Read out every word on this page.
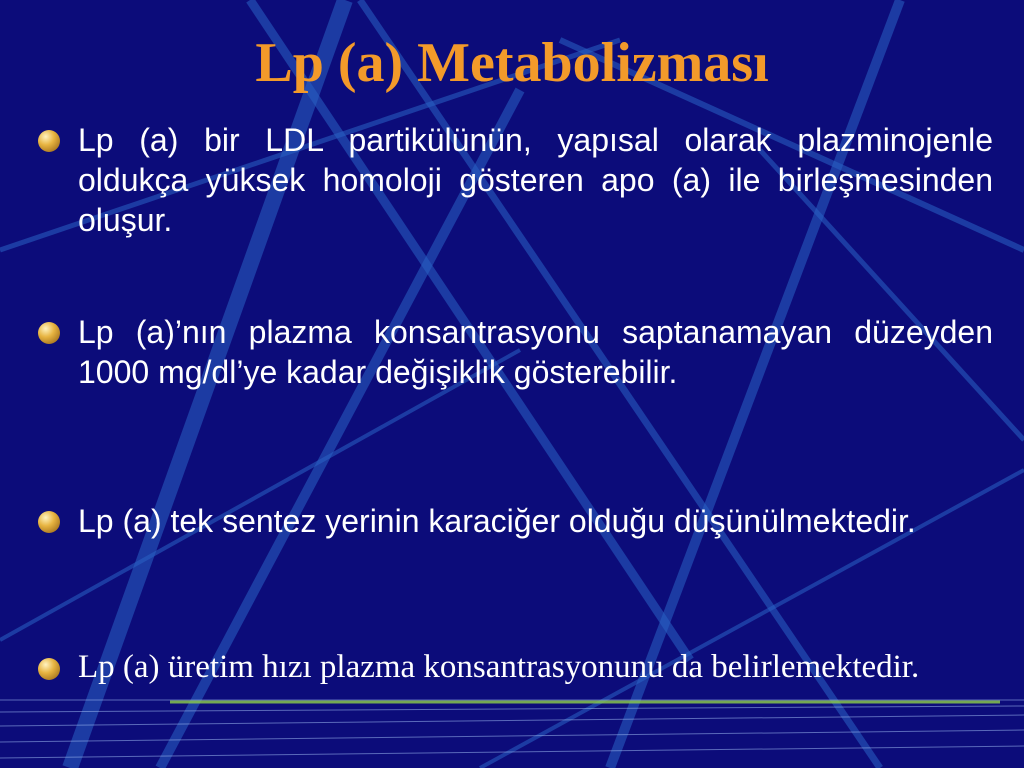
Lp (a) Metabolizması
Lp (a) bir LDL partikülünün, yapısal olarak plazminojenle oldukça yüksek homoloji gösteren apo (a) ile birleşmesinden oluşur.
Lp (a)’nın plazma konsantrasyonu saptanamayan düzeyden 1000 mg/dl’ye kadar değişiklik gösterebilir.
Lp (a) tek sentez yerinin karaciğer olduğu düşünülmektedir.
Lp (a) üretim hızı plazma konsantrasyonunu da belirlemektedir.
